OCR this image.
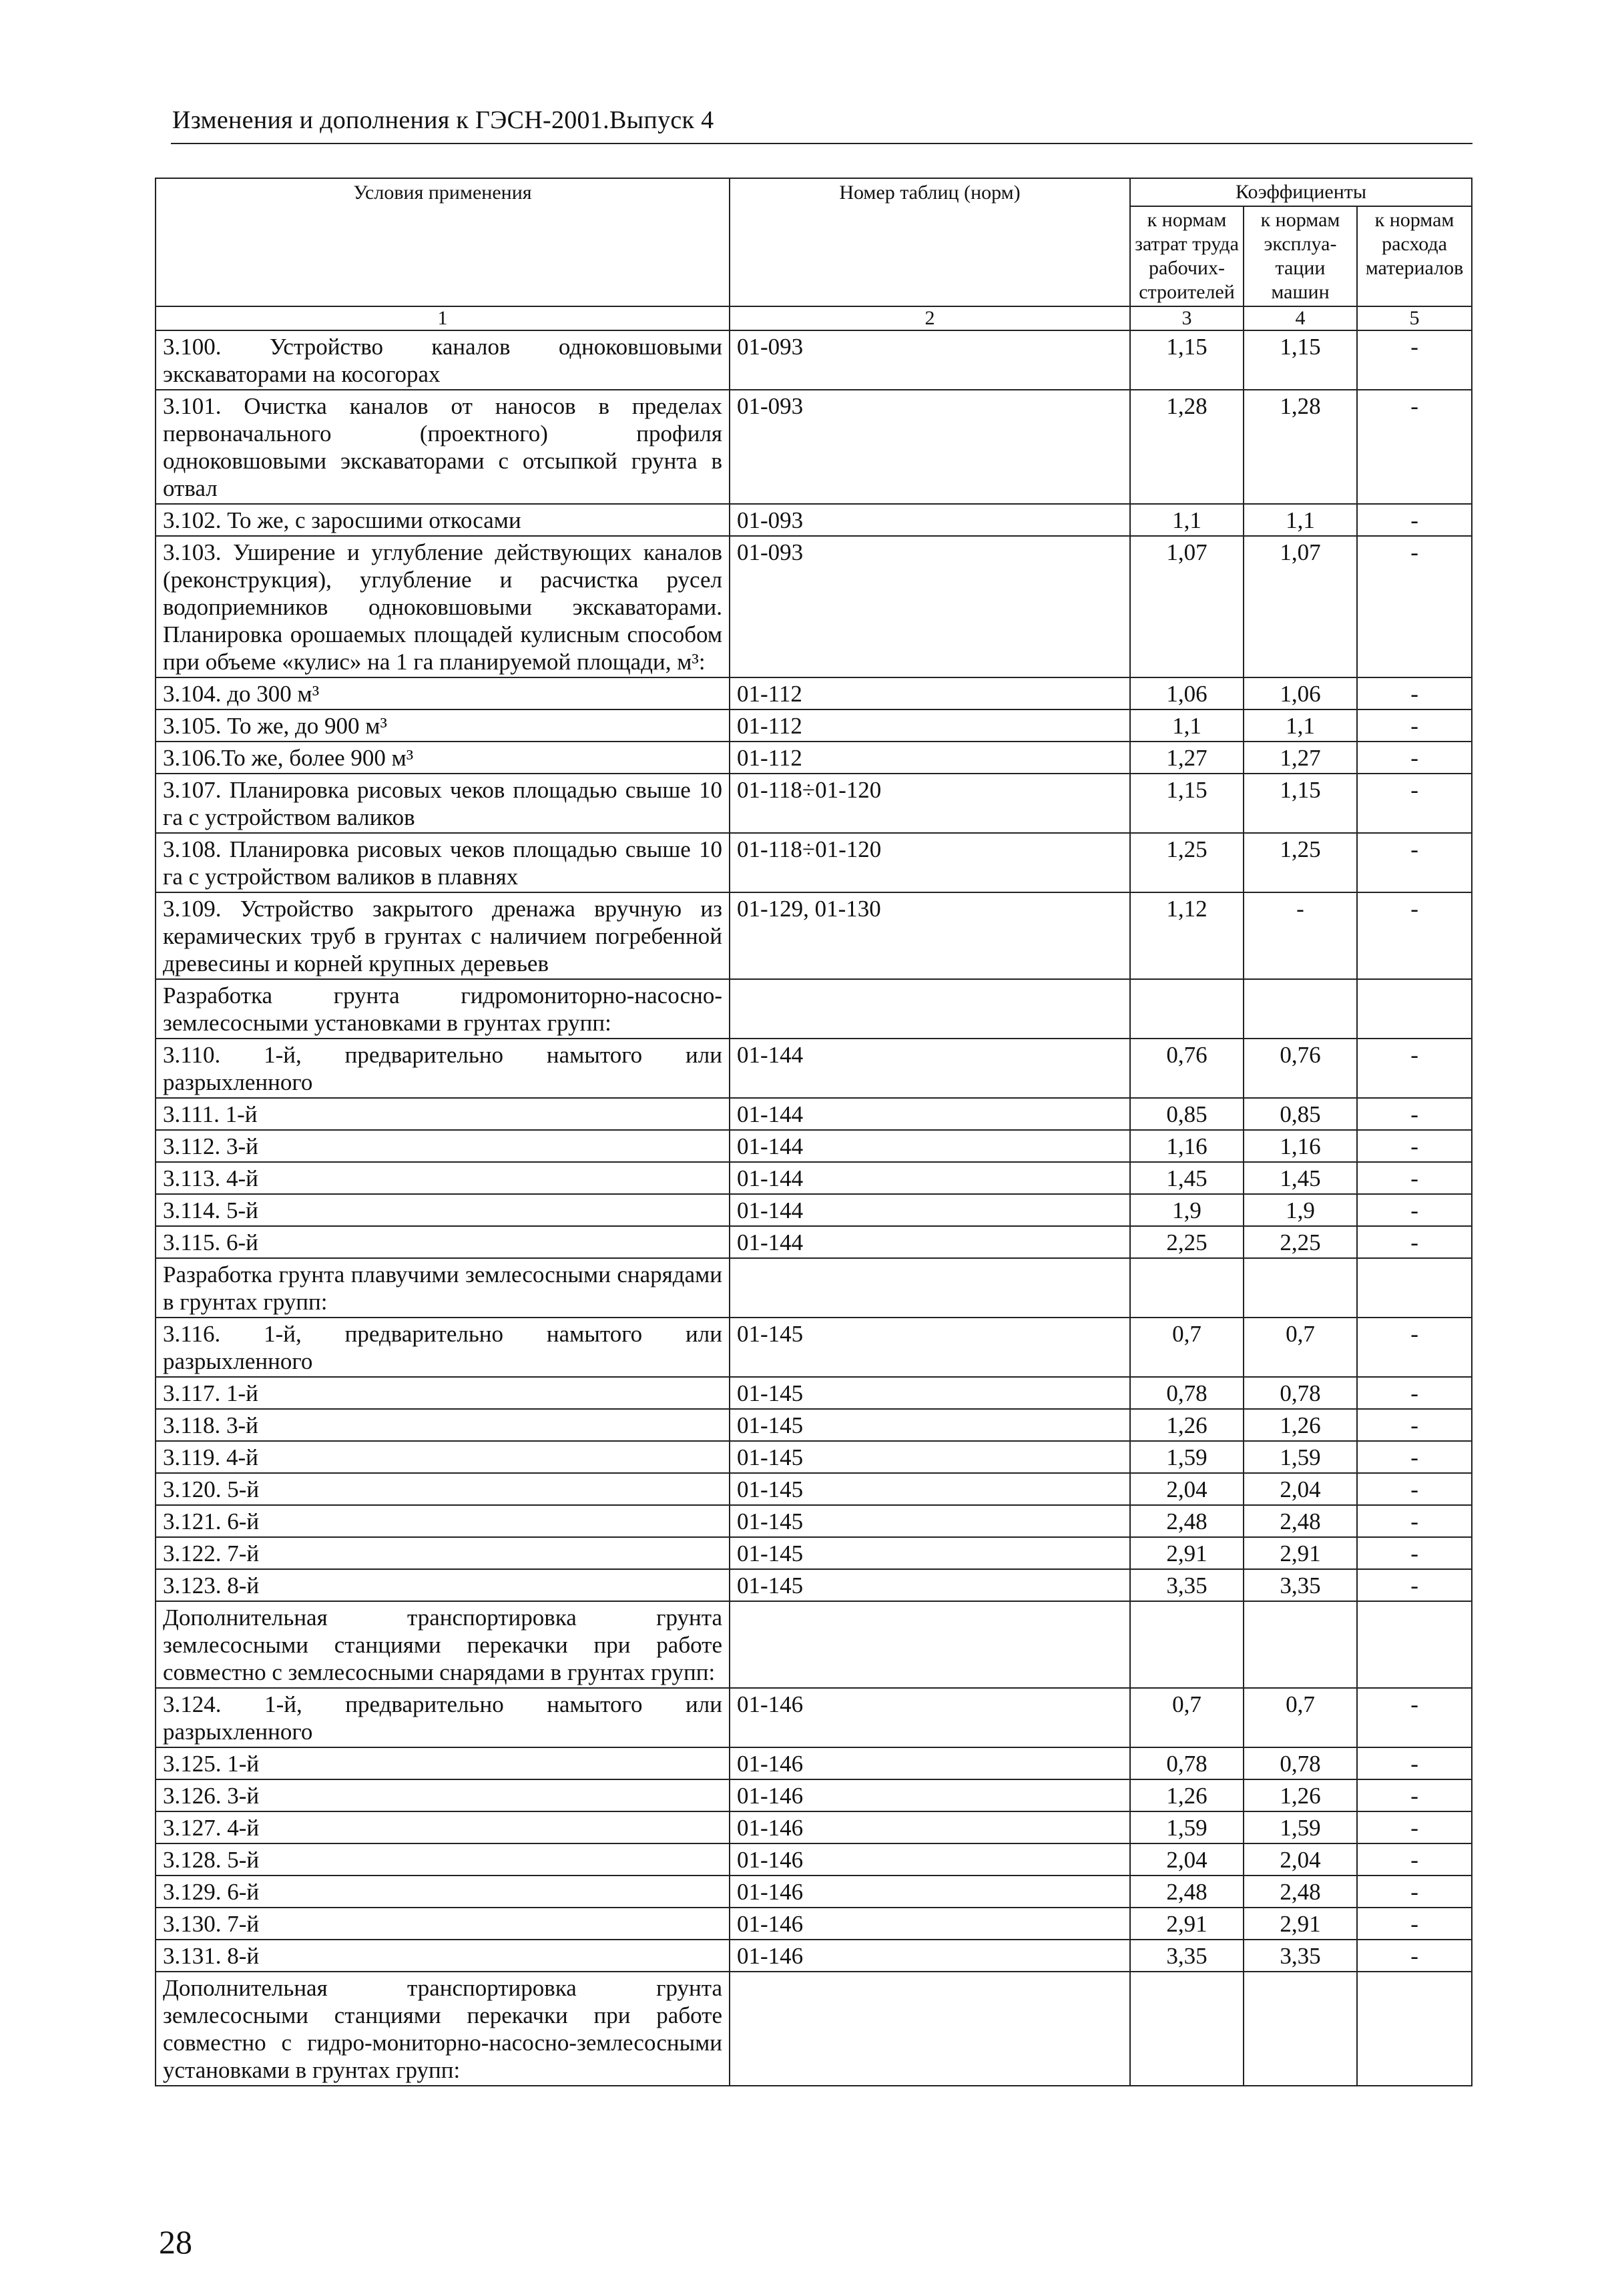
Изменения и дополнения к ГЭСН-2001.Выпуск 4
Условия применения	Номер таблиц (норм)	Коэффициенты		
		к нормам затрат труда рабочих-строителей	к нормам эксплуа-тации машин	к нормам расхода материалов
1	2	3	4	5
3.100. Устройство каналов одноковшовыми экскаваторами на косогорах	01-093	1,15	1,15	-
3.101. Очистка каналов от наносов в пределах первоначального (проектного) профиля одноковшовыми экскаваторами с отсыпкой грунта в отвал	01-093	1,28	1,28	-
3.102. То же, с заросшими откосами	01-093	1,1	1,1	-
3.103. Уширение и углубление действующих каналов (реконструкция), углубление и расчистка русел водоприемников одноковшовыми экскаваторами. Планировка орошаемых площадей кулисным способом при объеме «кулис» на 1 га планируемой площади, м³:	01-093	1,07	1,07	-
3.104. до 300 м³	01-112	1,06	1,06	-
3.105. То же, до 900 м³	01-112	1,1	1,1	-
3.106.То же, более 900 м³	01-112	1,27	1,27	-
3.107. Планировка рисовых чеков площадью свыше 10 га с устройством валиков	01-118÷01-120	1,15	1,15	-
3.108. Планировка рисовых чеков площадью свыше 10 га с устройством валиков в плавнях	01-118÷01-120	1,25	1,25	-
3.109. Устройство закрытого дренажа вручную из керамических труб в грунтах с наличием погребенной древесины и корней крупных деревьев	01-129, 01-130	1,12	-	-
Разработка грунта гидромониторно-насосно-землесосными установками в грунтах групп:				
3.110. 1-й, предварительно намытого или разрыхленного	01-144	0,76	0,76	-
3.111. 1-й	01-144	0,85	0,85	-
3.112. 3-й	01-144	1,16	1,16	-
3.113. 4-й	01-144	1,45	1,45	-
3.114. 5-й	01-144	1,9	1,9	-
3.115. 6-й	01-144	2,25	2,25	-
Разработка грунта плавучими землесосными снарядами в грунтах групп:				
3.116. 1-й, предварительно намытого или разрыхленного	01-145	0,7	0,7	-
3.117. 1-й	01-145	0,78	0,78	-
3.118. 3-й	01-145	1,26	1,26	-
3.119. 4-й	01-145	1,59	1,59	-
3.120. 5-й	01-145	2,04	2,04	-
3.121. 6-й	01-145	2,48	2,48	-
3.122. 7-й	01-145	2,91	2,91	-
3.123. 8-й	01-145	3,35	3,35	-
Дополнительная транспортировка грунта землесосными станциями перекачки при работе совместно с землесосными снарядами в грунтах групп:				
3.124. 1-й, предварительно намытого или разрыхленного	01-146	0,7	0,7	-
3.125. 1-й	01-146	0,78	0,78	-
3.126. 3-й	01-146	1,26	1,26	-
3.127. 4-й	01-146	1,59	1,59	-
3.128. 5-й	01-146	2,04	2,04	-
3.129. 6-й	01-146	2,48	2,48	-
3.130. 7-й	01-146	2,91	2,91	-
3.131. 8-й	01-146	3,35	3,35	-
Дополнительная транспортировка грунта землесосными станциями перекачки при работе совместно с гидро-мониторно-насосно-землесосными установками в грунтах групп:				
28
